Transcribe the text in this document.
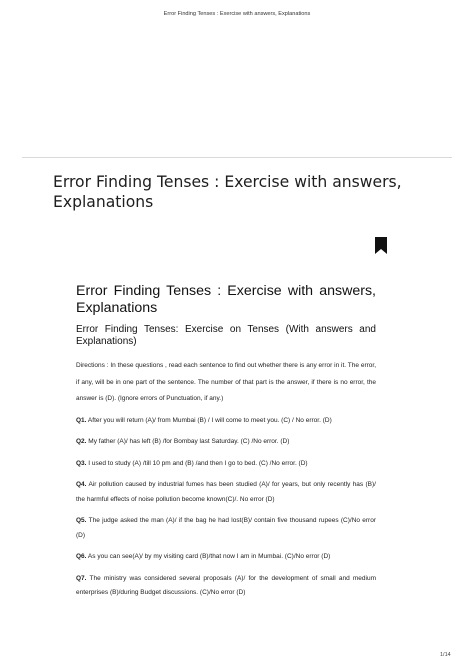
Error Finding Tenses : Exercise with answers, Explanations
Error Finding Tenses : Exercise with answers, Explanations
Error Finding Tenses : Exercise with answers, Explanations
Error Finding Tenses: Exercise on Tenses (With answers and Explanations)

Directions : In these questions , read each sentence to find out whether there is any error in it. The error, if any, will be in one part of the sentence. The number of that part is the answer, if there is no error, the answer is (D). (Ignore errors of Punctuation, if any.)

Q1. After you will return (A)/ from Mumbai (B) / I will come to meet you. (C) / No error. (D)

Q2. My father (A)/ has left (B) /for Bombay last Saturday. (C) /No error. (D)

Q3. I used to study (A) /till 10 pm and (B) /and then I go to bed. (C) /No error. (D)

Q4. Air pollution caused by industrial fumes has been studied (A)/ for years, but only recently has (B)/ the harmful effects of noise pollution become known(C)/. No error (D)

Q5. The judge asked the man (A)/ if the bag he had lost(B)/ contain five thousand rupees (C)/No error (D)

Q6. As you can see(A)/ by my visiting card (B)/that now I am in Mumbai. (C)/No error (D)

Q7. The ministry was considered several proposals (A)/ for the development of small and medium enterprises (B)/during Budget discussions. (C)/No error (D)

1/14
